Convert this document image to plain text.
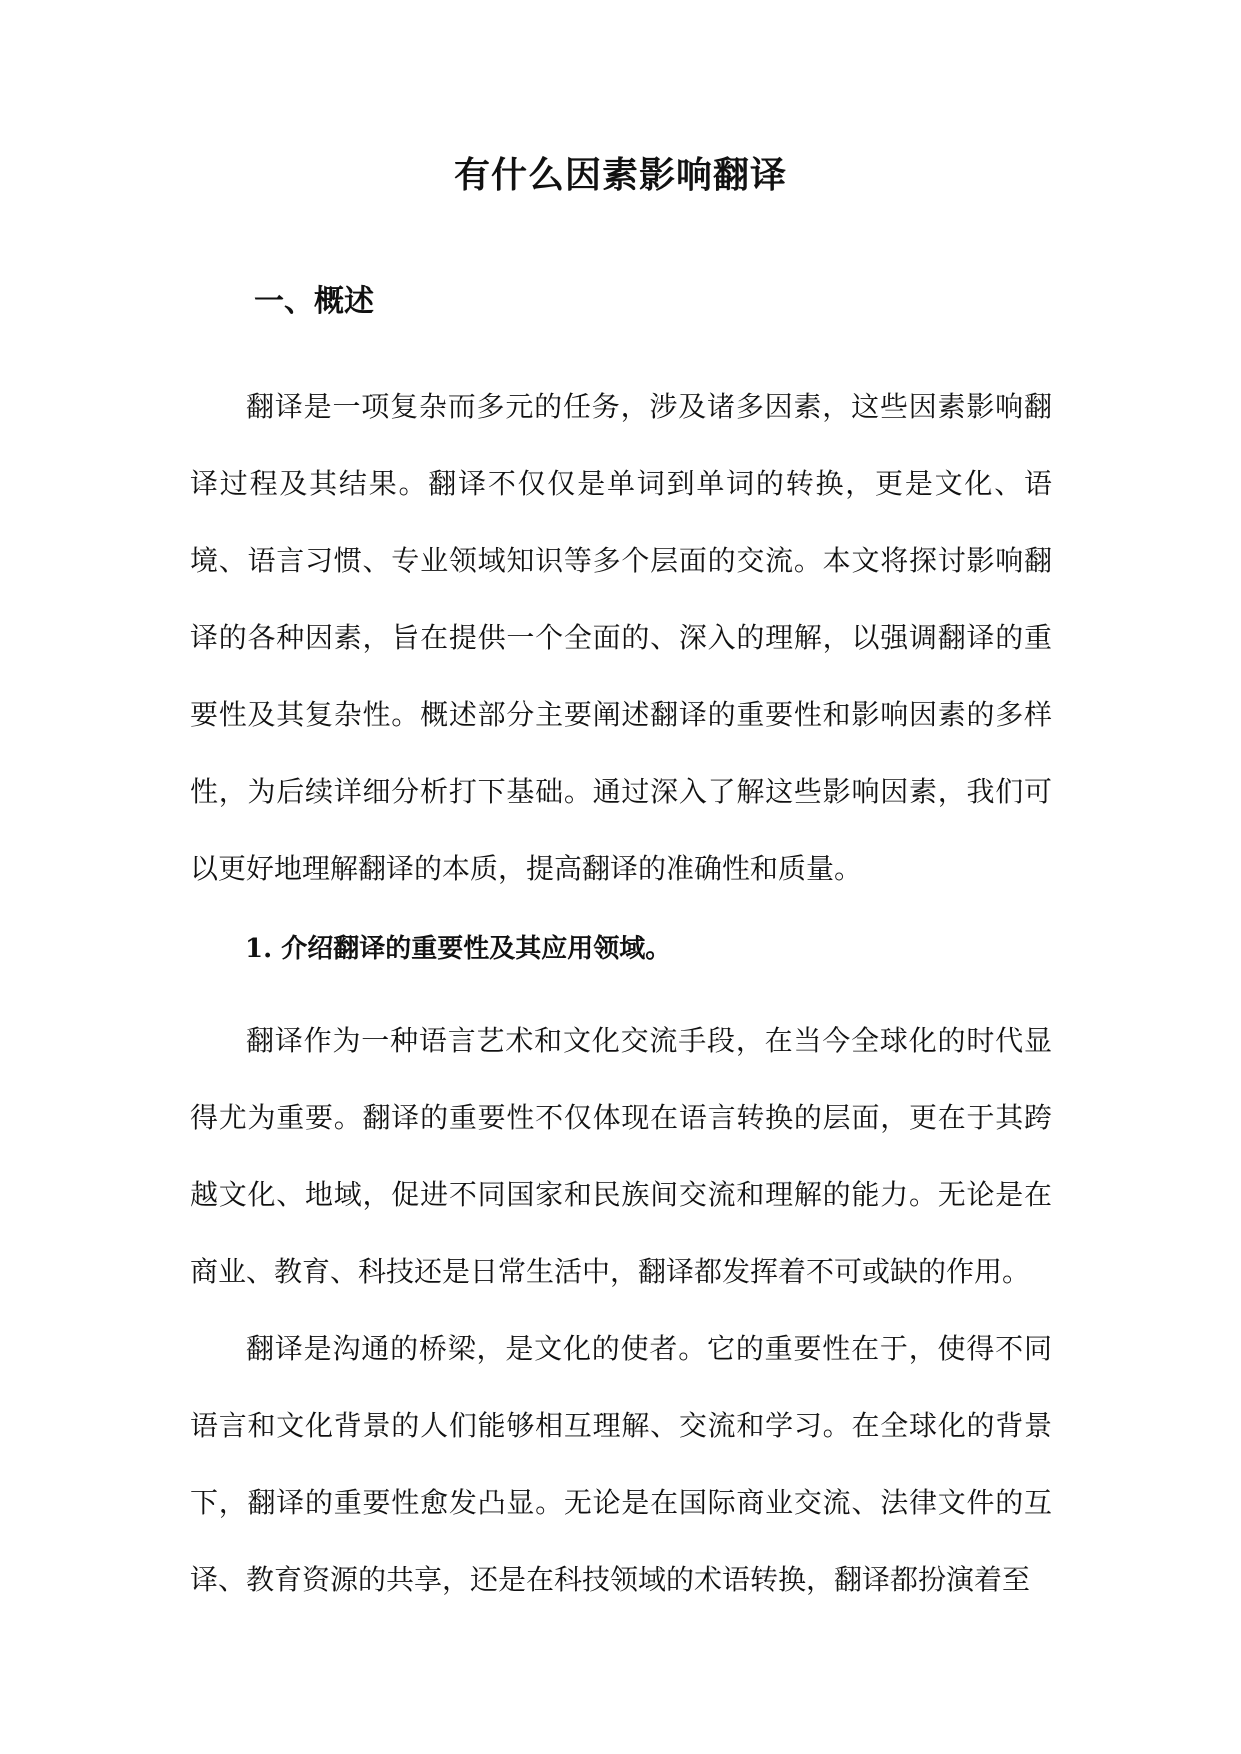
有什么因素影响翻译
一、概述

翻译是一项复杂而多元的任务，涉及诸多因素，这些因素影响翻译过程及其结果。翻译不仅仅是单词到单词的转换，更是文化、语境、语言习惯、专业领域知识等多个层面的交流。本文将探讨影响翻译的各种因素，旨在提供一个全面的、深入的理解，以强调翻译的重要性及其复杂性。概述部分主要阐述翻译的重要性和影响因素的多样性，为后续详细分析打下基础。通过深入了解这些影响因素，我们可以更好地理解翻译的本质，提高翻译的准确性和质量。

1. 介绍翻译的重要性及其应用领域。

翻译作为一种语言艺术和文化交流手段，在当今全球化的时代显得尤为重要。翻译的重要性不仅体现在语言转换的层面，更在于其跨越文化、地域，促进不同国家和民族间交流和理解的能力。无论是在商业、教育、科技还是日常生活中，翻译都发挥着不可或缺的作用。

翻译是沟通的桥梁，是文化的使者。它的重要性在于，使得不同语言和文化背景的人们能够相互理解、交流和学习。在全球化的背景下，翻译的重要性愈发凸显。无论是在国际商业交流、法律文件的互译、教育资源的共享，还是在科技领域的术语转换，翻译都扮演着至
